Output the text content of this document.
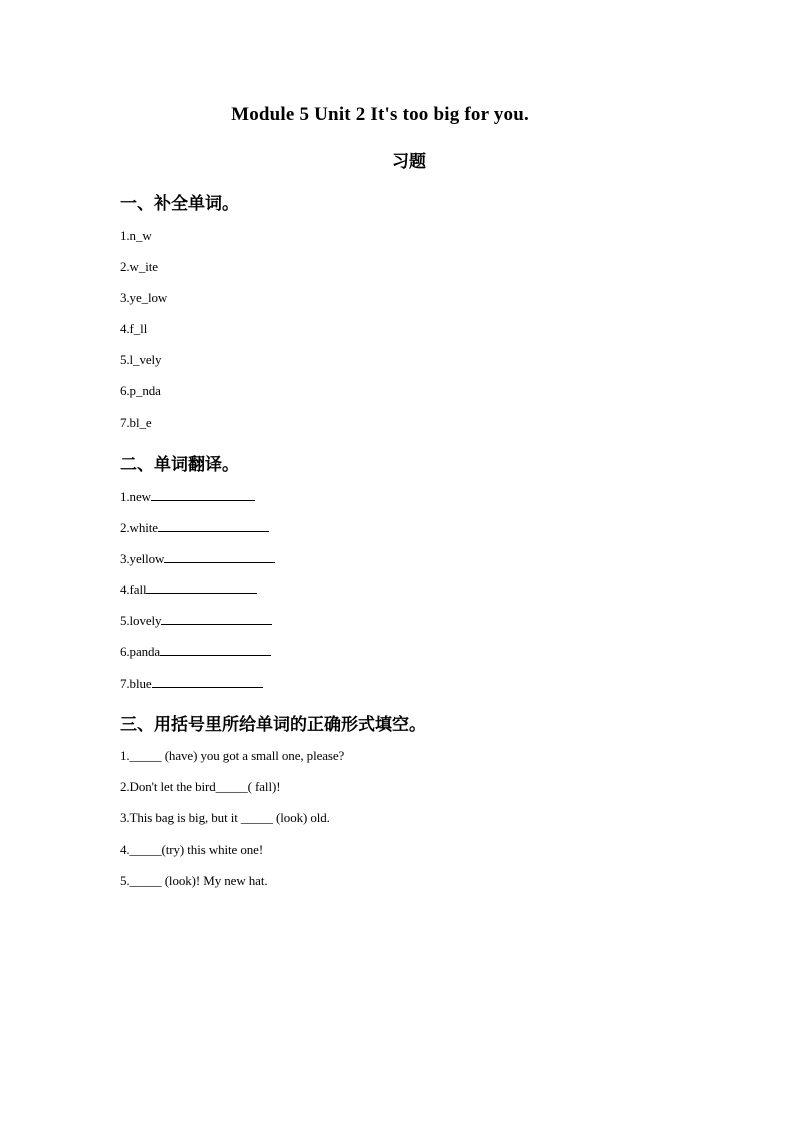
Module 5 Unit 2 It's too big for you.
习题
一、补全单词。
1.n_w
2.w_ite
3.ye_low
4.f_ll
5.l_vely
6.p_nda
7.bl_e
二、单词翻译。
1.new
2.white
3.yellow
4.fall
5.lovely
6.panda
7.blue
三、用括号里所给单词的正确形式填空。
1._____ (have) you got a small one, please?
2.Don't let the bird_____( fall)!
3.This bag is big, but it _____ (look) old.
4._____(try) this white one!
5._____ (look)! My new hat.
